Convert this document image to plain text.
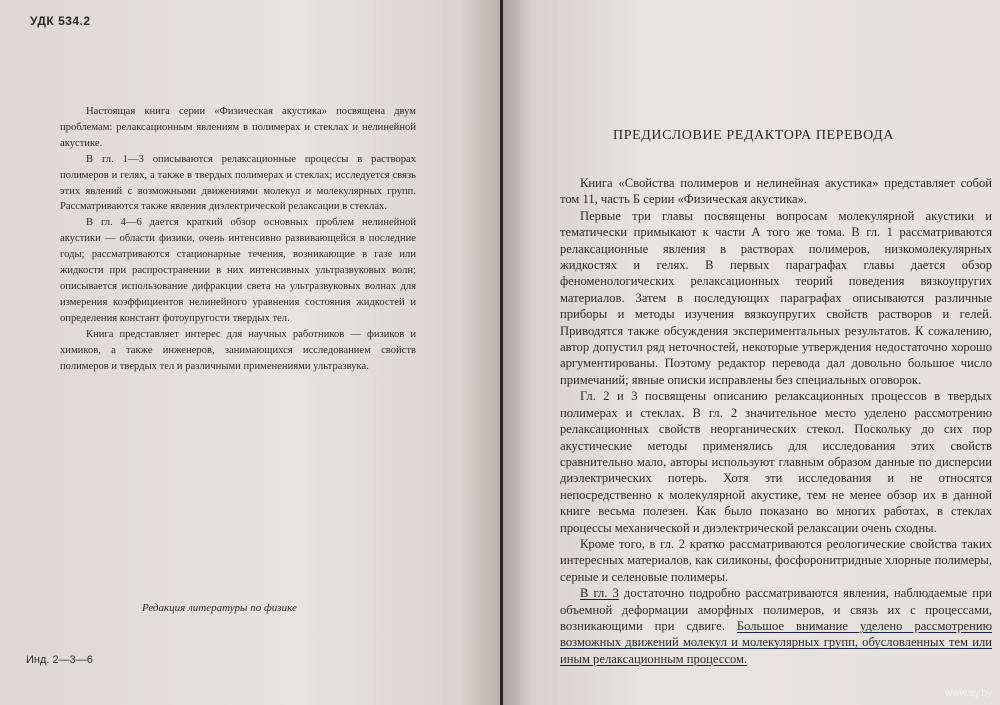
УДК 534.2

Настоящая книга серии «Физическая акустика» посвящена двум проблемам: релаксационным явлениям в полимерах и стеклах и нелинейной акустике.

В гл. 1—3 описываются релаксационные процессы в растворах полимеров и гелях, а также в твердых полимерах и стеклах; исследуется связь этих явлений с возможными движениями молекул и молекулярных групп. Рассматриваются также явления диэлектрической релаксации в стеклах.

В гл. 4—6 дается краткий обзор основных проблем нелинейной акустики — области физики, очень интенсивно развивающейся в последние годы; рассматриваются стационарные течения, возникающие в газе или жидкости при распространении в них интенсивных ультразвуковых волн; описывается использование дифракции света на ультразвуковых волнах для измерения коэффициентов нелинейного уравнения состояния жидкостей и определения констант фотоупругости твердых тел.

Книга представляет интерес для научных работников — физиков и химиков, а также инженеров, занимающихся исследованием свойств полимеров и твердых тел и различными применениями ультразвука.

Редакция литературы по физике
Инд. 2—3—6
ПРЕДИСЛОВИЕ РЕДАКТОРА ПЕРЕВОДА

Книга «Свойства полимеров и нелинейная акустика» представляет собой том 11, часть Б серии «Физическая акустика».

Первые три главы посвящены вопросам молекулярной акустики и тематически примыкают к части А того же тома. В гл. 1 рассматриваются релаксационные явления в растворах полимеров, низкомолекулярных жидкостях и гелях. В первых параграфах главы дается обзор феноменологических релаксационных теорий поведения вязкоупругих материалов. Затем в последующих параграфах описываются различные приборы и методы изучения вязкоупругих свойств растворов и гелей. Приводятся также обсуждения экспериментальных результатов. К сожалению, автор допустил ряд неточностей, некоторые утверждения недостаточно хорошо аргументированы. Поэтому редактор перевода дал довольно большое число примечаний; явные описки исправлены без специальных оговорок.

Гл. 2 и 3 посвящены описанию релаксационных процессов в твердых полимерах и стеклах. В гл. 2 значительное место уделено рассмотрению релаксационных свойств неорганических стекол. Поскольку до сих пор акустические методы применялись для исследования этих свойств сравнительно мало, авторы используют главным образом данные по дисперсии диэлектрических потерь. Хотя эти исследования и не относятся непосредственно к молекулярной акустике, тем не менее обзор их в данной книге весьма полезен. Как было показано во многих работах, в стеклах процессы механической и диэлектрической релаксации очень сходны.

Кроме того, в гл. 2 кратко рассматриваются реологические свойства таких интересных материалов, как силиконы, фосфоронитридные хлорные полимеры, серные и селеновые полимеры.

В гл. 3 достаточно подробно рассматриваются явления, наблюдаемые при объемной деформации аморфных полимеров, и связь их с процессами, возникающими при сдвиге. Большое внимание уделено рассмотрению возможных движений молекул и молекулярных групп, обусловленных тем или иным релаксационным процессом.

www.ay.by
